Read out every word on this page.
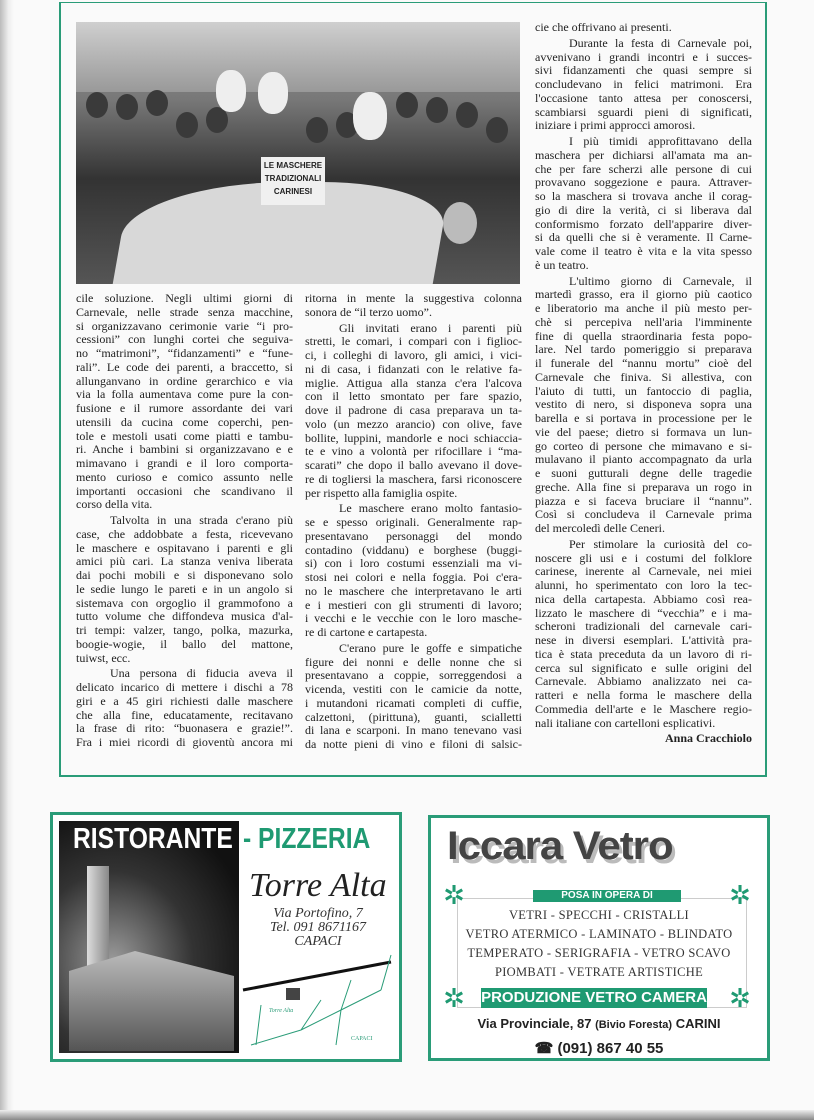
LE MASCHERE
TRADIZIONALI
CARINESI
cile soluzione. Negli ultimi giorni di
Carnevale, nelle strade senza macchine,
si organizzavano cerimonie varie “i pro-
cessioni” con lunghi cortei che seguiva-
no “matrimoni”, “fidanzamenti” e “fune-
rali”. Le code dei parenti, a braccetto, si
allunganvano in ordine gerarchico e via
via la folla aumentava come pure la con-
fusione e il rumore assordante dei vari
utensili da cucina come coperchi, pen-
tole e mestoli usati come piatti e tambu-
ri. Anche i bambini si organizzavano e e
mimavano i grandi e il loro comporta-
mento curioso e comico assunto nelle
importanti occasioni che scandivano il
corso della vita.
Talvolta in una strada c'erano più
case, che addobbate a festa, ricevevano
le maschere e ospitavano i parenti e gli
amici più cari. La stanza veniva liberata
dai pochi mobili e si disponevano solo
le sedie lungo le pareti e in un angolo si
sistemava con orgoglio il grammofono a
tutto volume che diffondeva musica d'al-
tri tempi: valzer, tango, polka, mazurka,
boogie-wogie, il ballo del mattone,
tuiwst, ecc.
Una persona di fiducia aveva il
delicato incarico di mettere i dischi a 78
giri e a 45 giri richiesti dalle maschere
che alla fine, educatamente, recitavano
la frase di rito: “buonasera e grazie!”.
Fra i miei ricordi di gioventù ancora mi
ritorna in mente la suggestiva colonna
sonora de “il terzo uomo”.
Gli invitati erano i parenti più
stretti, le comari, i compari con i figlioc-
ci, i colleghi di lavoro, gli amici, i vici-
ni di casa, i fidanzati con le relative fa-
miglie. Attigua alla stanza c'era l'alcova
con il letto smontato per fare spazio,
dove il padrone di casa preparava un ta-
volo (un mezzo arancio) con olive, fave
bollite, luppini, mandorle e noci schiaccia-
te e vino a volontà per rifocillare i “ma-
scarati” che dopo il ballo avevano il dove-
re di togliersi la maschera, farsi riconoscere
per rispetto alla famiglia ospite.
Le maschere erano molto fantasio-
se e spesso originali. Generalmente rap-
presentavano personaggi del mondo
contadino (viddanu) e borghese (buggi-
si) con i loro costumi essenziali ma vi-
stosi nei colori e nella foggia. Poi c'era-
no le maschere che interpretavano le arti
e i mestieri con gli strumenti di lavoro;
i vecchi e le vecchie con le loro masche-
re di cartone e cartapesta.
C'erano pure le goffe e simpatiche
figure dei nonni e delle nonne che si
presentavano a coppie, sorreggendosi a
vicenda, vestiti con le camicie da notte,
i mutandoni ricamati completi di cuffie,
calzettoni, (pirittuna), guanti, scialletti
di lana e scarponi. In mano tenevano vasi
da notte pieni di vino e filoni di salsic-
cie che offrivano ai presenti.
Durante la festa di Carnevale poi,
avvenivano i grandi incontri e i succes-
sivi fidanzamenti che quasi sempre si
concludevano in felici matrimoni. Era
l'occasione tanto attesa per conoscersi,
scambiarsi sguardi pieni di significati,
iniziare i primi approcci amorosi.
I più timidi approfittavano della
maschera per dichiarsi all'amata ma an-
che per fare scherzi alle persone di cui
provavano soggezione e paura. Attraver-
so la maschera si trovava anche il corag-
gio di dire la verità, ci si liberava dal
conformismo forzato dell'apparire diver-
si da quelli che si è veramente. Il Carne-
vale come il teatro è vita e la vita spesso
è un teatro.
L'ultimo giorno di Carnevale, il
martedì grasso, era il giorno più caotico
e liberatorio ma anche il più mesto per-
chè si percepiva nell'aria l'imminente
fine di quella straordinaria festa popo-
lare. Nel tardo pomeriggio si preparava
il funerale del “nannu mortu” cioè del
Carnevale che finiva. Si allestiva, con
l'aiuto di tutti, un fantoccio di paglia,
vestito di nero, si disponeva sopra una
barella e si portava in processione per le
vie del paese; dietro si formava un lun-
go corteo di persone che mimavano e si-
mulavano il pianto accompagnato da urla
e suoni gutturali degne delle tragedie
greche. Alla fine si preparava un rogo in
piazza e si faceva bruciare il “nannu”.
Così si concludeva il Carnevale prima
del mercoledì delle Ceneri.
Per stimolare la curiosità del co-
noscere gli usi e i costumi del folklore
carinese, inerente al Carnevale, nei miei
alunni, ho sperimentato con loro la tec-
nica della cartapesta. Abbiamo così rea-
lizzato le maschere di “vecchia” e i ma-
scheroni tradizionali del carnevale cari-
nese in diversi esemplari. L'attività pra-
tica è stata preceduta da un lavoro di ri-
cerca sul significato e sulle origini del
Carnevale. Abbiamo analizzato nei ca-
ratteri e nella forma le maschere della
Commedia dell'arte e le Maschere regio-
nali italiane con cartelloni esplicativi.
Anna Cracchiolo
RISTORANTE - PIZZERIA
Torre Alta
Via Portofino, 7
Tel. 091 8671167
CAPACI
Torre Alta
CAPACI
Iccara Vetro
✲	✲
✲	✲
POSA IN OPERA DI
VETRI - SPECCHI - CRISTALLI
VETRO ATERMICO - LAMINATO - BLINDATO
TEMPERATO - SERIGRAFIA - VETRO SCAVO
PIOMBATI - VETRATE ARTISTICHE
PRODUZIONE VETRO CAMERA
Via Provinciale, 87 (Bivio Foresta) CARINI
☎ (091) 867 40 55
